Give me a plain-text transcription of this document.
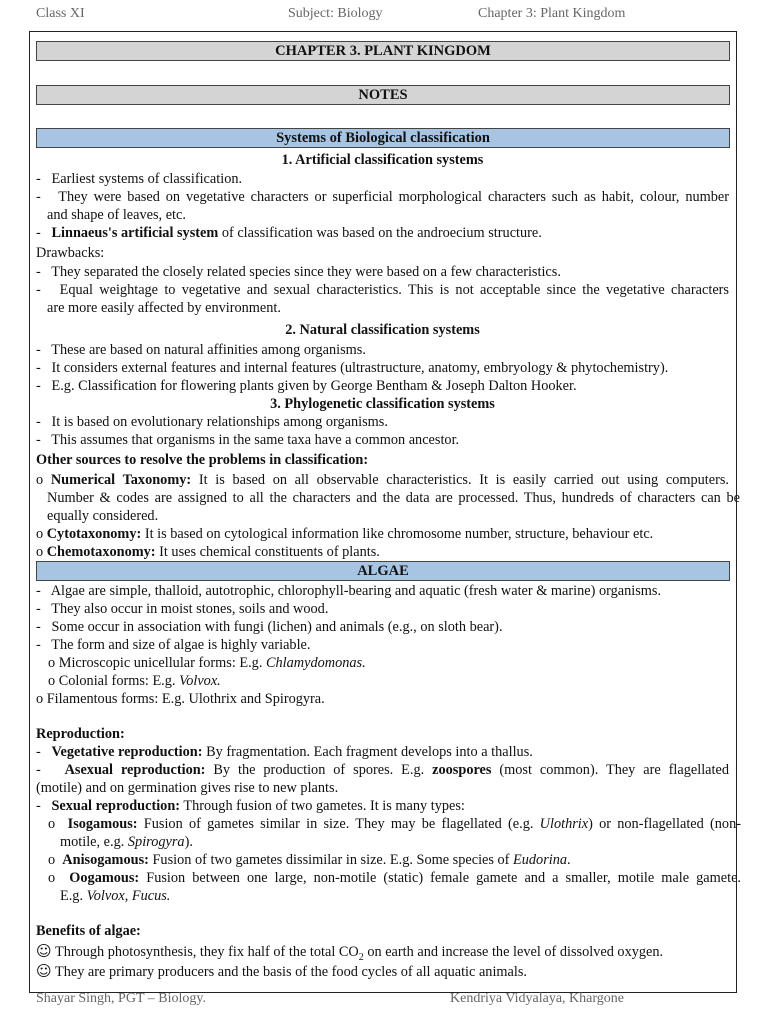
Class XI	Subject: Biology	Chapter 3: Plant Kingdom
CHAPTER 3. PLANT KINGDOM
NOTES
Systems of Biological classification
1. Artificial classification systems
-   Earliest systems of classification.
-   They were based on vegetative characters or superficial morphological characters such as habit, colour, number
and shape of leaves, etc.
-   Linnaeus's artificial system of classification was based on the androecium structure.
Drawbacks:
-   They separated the closely related species since they were based on a few characteristics.
-   Equal weightage to vegetative and sexual characteristics. This is not acceptable since the vegetative characters
are more easily affected by environment.
2. Natural classification systems
-   These are based on natural affinities among organisms.
-   It considers external features and internal features (ultrastructure, anatomy, embryology & phytochemistry).
-   E.g. Classification for flowering plants given by George Bentham & Joseph Dalton Hooker.
3. Phylogenetic classification systems
-   It is based on evolutionary relationships among organisms.
-   This assumes that organisms in the same taxa have a common ancestor.
Other sources to resolve the problems in classification:
o Numerical Taxonomy: It is based on all observable characteristics. It is easily carried out using computers.
Number & codes are assigned to all the characters and the data are processed. Thus, hundreds of characters can be
equally considered.
o Cytotaxonomy: It is based on cytological information like chromosome number, structure, behaviour etc.
o Chemotaxonomy: It uses chemical constituents of plants.
ALGAE
-   Algae are simple, thalloid, autotrophic, chlorophyll-bearing and aquatic (fresh water & marine) organisms.
-   They also occur in moist stones, soils and wood.
-   Some occur in association with fungi (lichen) and animals (e.g., on sloth bear).
-   The form and size of algae is highly variable.
o Microscopic unicellular forms: E.g. Chlamydomonas.
o Colonial forms: E.g. Volvox.
o Filamentous forms: E.g. Ulothrix and Spirogyra.
Reproduction:
-   Vegetative reproduction: By fragmentation. Each fragment develops into a thallus.
-   Asexual reproduction: By the production of spores. E.g. zoospores (most common). They are flagellated
(motile) and on germination gives rise to new plants.
-   Sexual reproduction: Through fusion of two gametes. It is many types:
o  Isogamous: Fusion of gametes similar in size. They may be flagellated (e.g. Ulothrix) or non-flagellated (non-
motile, e.g. Spirogyra).
o  Anisogamous: Fusion of two gametes dissimilar in size. E.g. Some species of Eudorina.
o  Oogamous: Fusion between one large, non-motile (static) female gamete and a smaller, motile male gamete.
E.g. Volvox, Fucus.
Benefits of algae:
☺ Through photosynthesis, they fix half of the total $CO_2$ on earth and increase the level of dissolved oxygen.
☺ They are primary producers and the basis of the food cycles of all aquatic animals.
Shayar Singh, PGT – Biology.	Kendriya Vidyalaya, Khargone
